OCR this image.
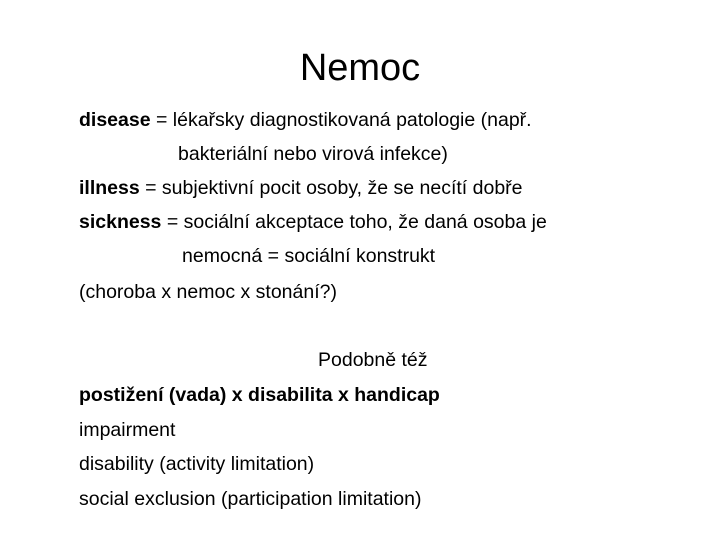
Nemoc
disease = lékařsky diagnostikovaná patologie (např.
bakteriální nebo virová infekce)
illness = subjektivní pocit osoby, že se necítí dobře
sickness = sociální akceptace toho, že daná osoba je
nemocná = sociální konstrukt
(choroba x nemoc x stonání?)
Podobně též
postižení (vada) x disabilita x handicap
impairment
disability (activity limitation)
social exclusion (participation limitation)
